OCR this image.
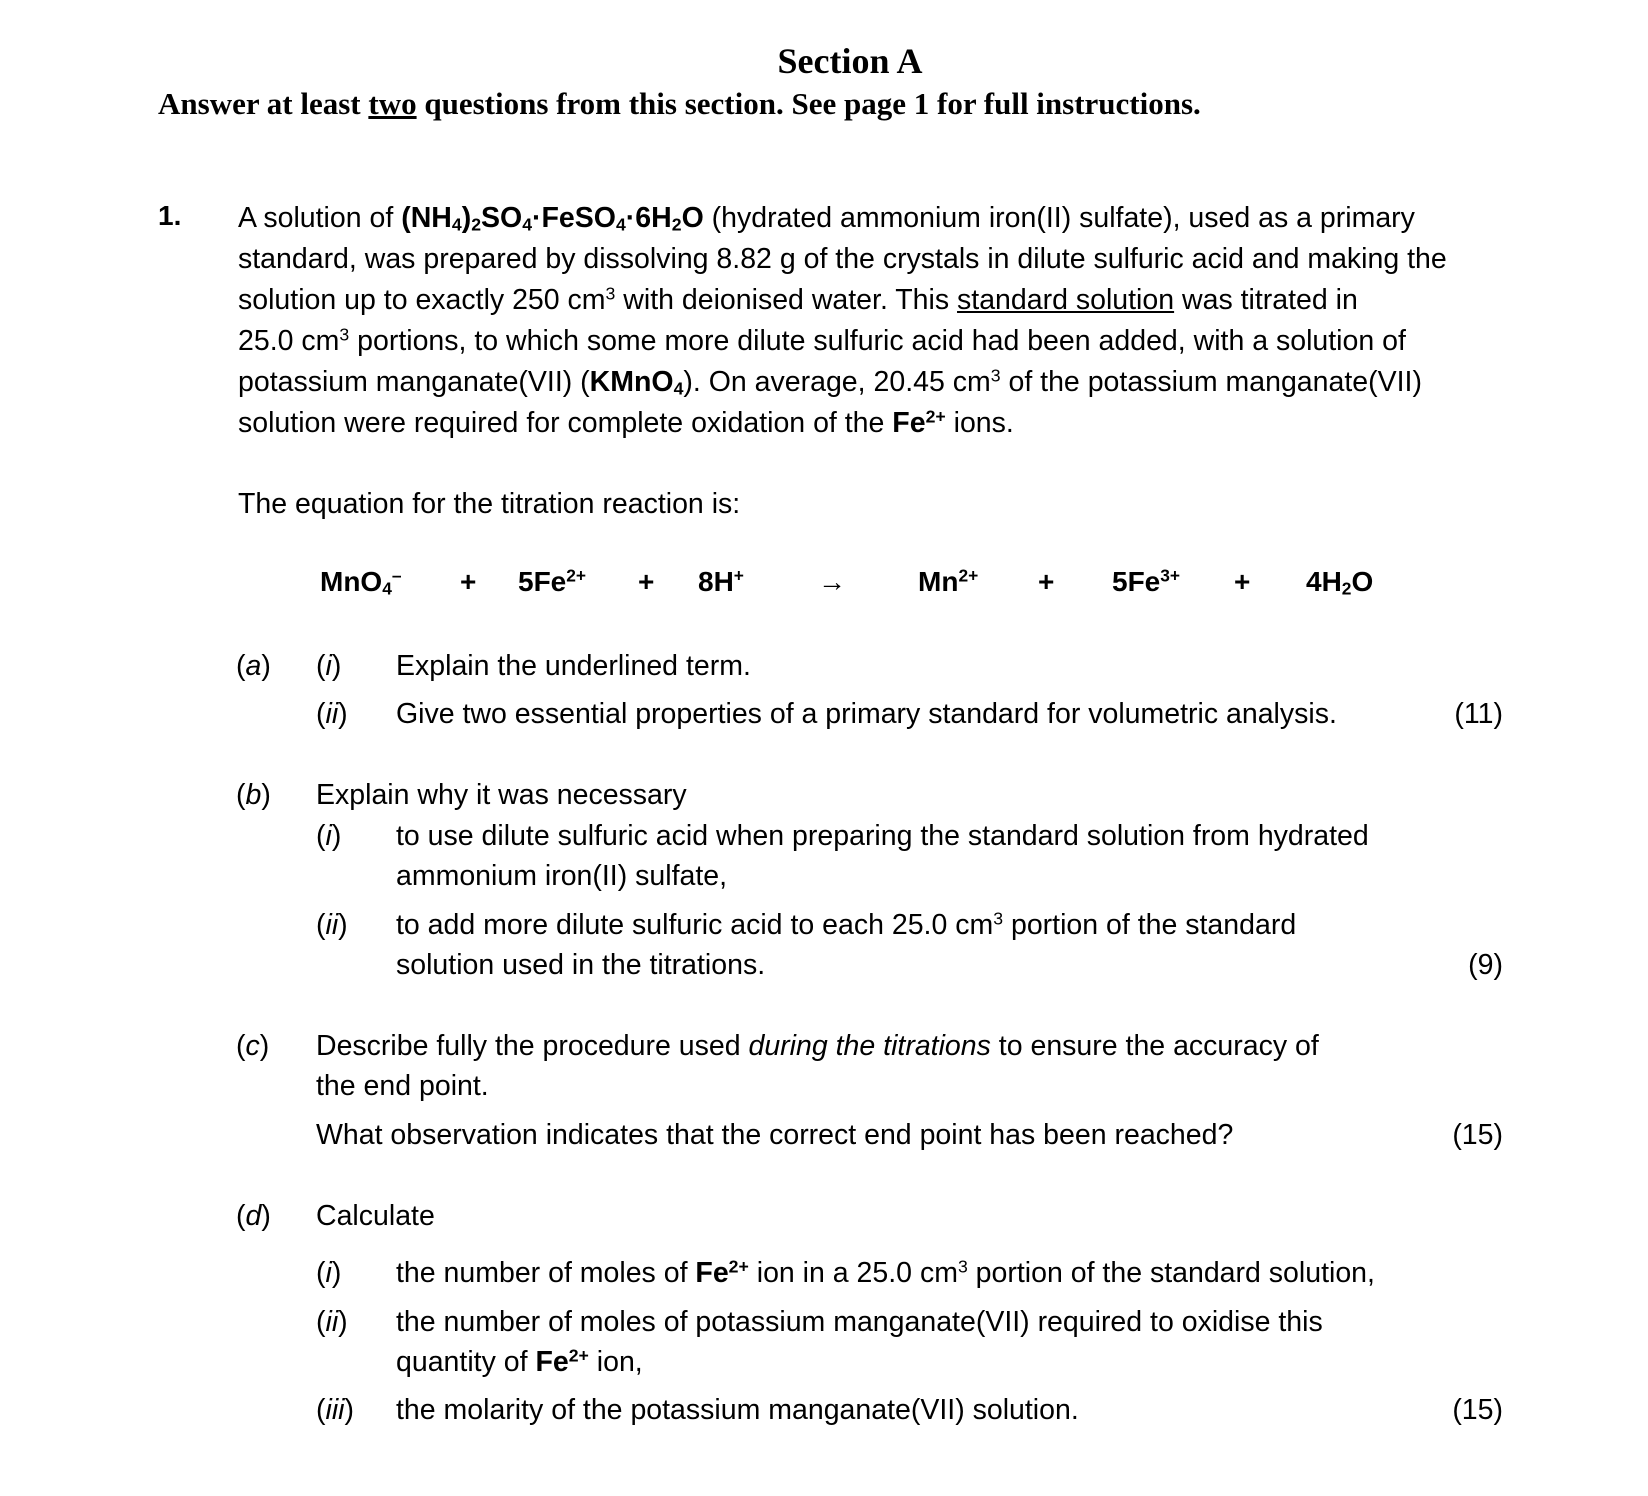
Section A
Answer at least two questions from this section. See page 1 for full instructions.
1. A solution of $(NH_4)_2SO_4\cdot FeSO_4\cdot 6H_2O$ (hydrated ammonium iron(II) sulfate), used as a primary
standard, was prepared by dissolving 8.82 g of the crystals in dilute sulfuric acid and making the
solution up to exactly 250 $cm^3$ with deionised water. This standard solution was titrated in
25.0 $cm^3$ portions, to which some more dilute sulfuric acid had been added, with a solution of
potassium manganate(VII) (KMnO$_4$). On average, 20.45 $cm^3$ of the potassium manganate(VII)
solution were required for complete oxidation of the $Fe^{2+}$ ions.
The equation for the titration reaction is:
$MnO_4^- + 5Fe^{2+} + 8H^+$	→	$Mn^{2+} + 5Fe^{3+} + 4H_2O$
(a) (i) Explain the underlined term.
(ii) Give two essential properties of a primary standard for volumetric analysis.	(11)
(b) Explain why it was necessary
(i) to use dilute sulfuric acid when preparing the standard solution from hydrated
ammonium iron(II) sulfate,
(ii) to add more dilute sulfuric acid to each 25.0 $cm^3$ portion of the standard
solution used in the titrations.	(9)
(c) Describe fully the procedure used during the titrations to ensure the accuracy of
the end point.
What observation indicates that the correct end point has been reached?	(15)
(d) Calculate
(i) the number of moles of $Fe^{2+}$ ion in a 25.0 $cm^3$ portion of the standard solution,
(ii) the number of moles of potassium manganate(VII) required to oxidise this
quantity of $Fe^{2+}$ ion,
(iii) the molarity of the potassium manganate(VII) solution.	(15)
